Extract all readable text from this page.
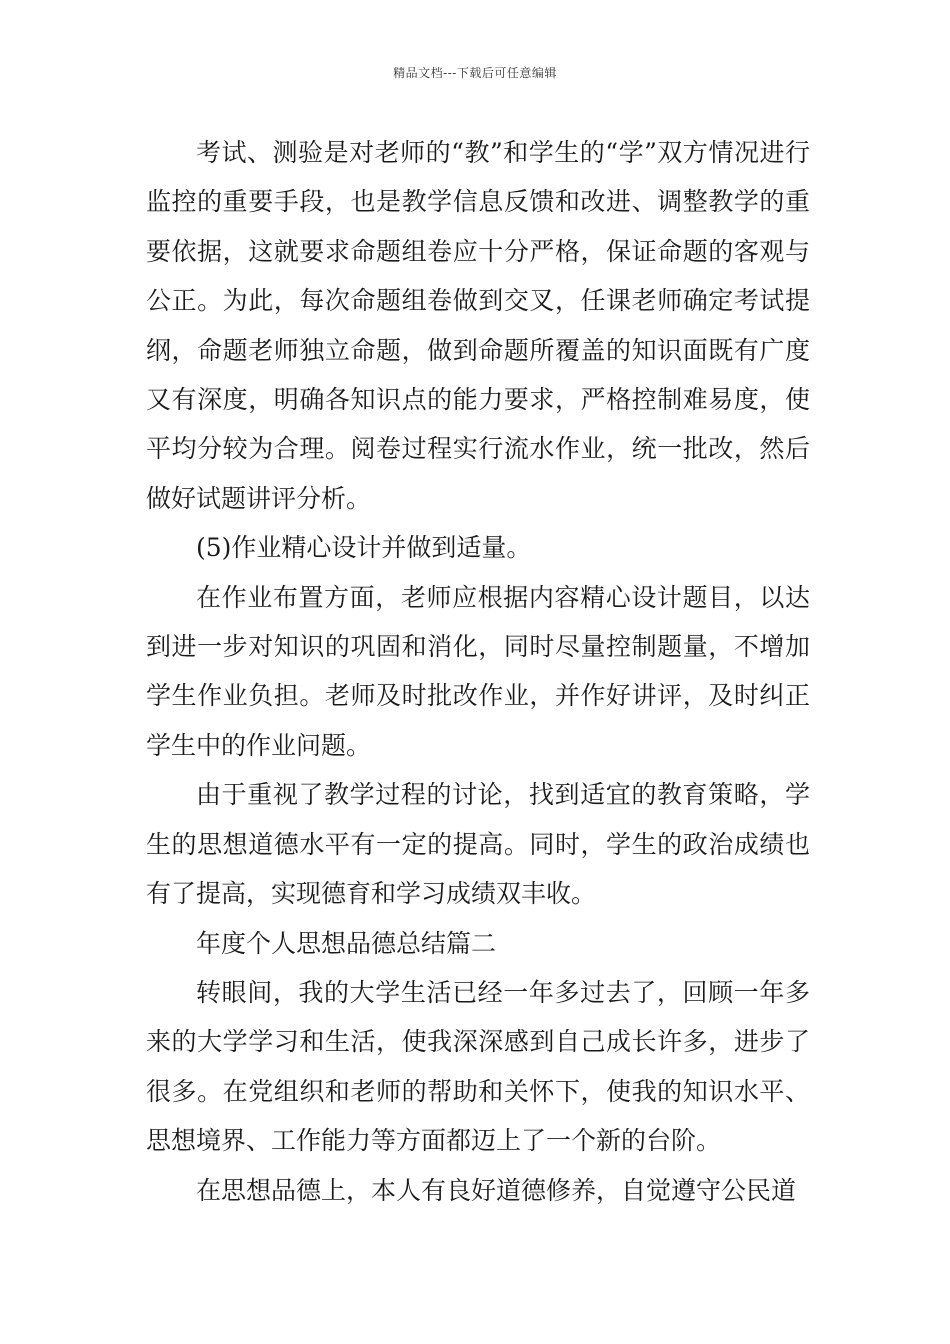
精品文档---下载后可任意编辑

考试、测验是对老师的“教”和学生的“学”双方情况进行监控的重要手段，也是教学信息反馈和改进、调整教学的重要依据，这就要求命题组卷应十分严格，保证命题的客观与公正。为此，每次命题组卷做到交叉，任课老师确定考试提纲，命题老师独立命题，做到命题所覆盖的知识面既有广度又有深度，明确各知识点的能力要求，严格控制难易度，使平均分较为合理。阅卷过程实行流水作业，统一批改，然后做好试题讲评分析。

(5)作业精心设计并做到适量。

在作业布置方面，老师应根据内容精心设计题目，以达到进一步对知识的巩固和消化，同时尽量控制题量，不增加学生作业负担。老师及时批改作业，并作好讲评，及时纠正学生中的作业问题。

由于重视了教学过程的讨论，找到适宜的教育策略，学生的思想道德水平有一定的提高。同时，学生的政治成绩也有了提高，实现德育和学习成绩双丰收。

年度个人思想品德总结篇二

转眼间，我的大学生活已经一年多过去了，回顾一年多来的大学学习和生活，使我深深感到自己成长许多，进步了很多。在党组织和老师的帮助和关怀下，使我的知识水平、思想境界、工作能力等方面都迈上了一个新的台阶。

在思想品德上，本人有良好道德修养，自觉遵守公民道
